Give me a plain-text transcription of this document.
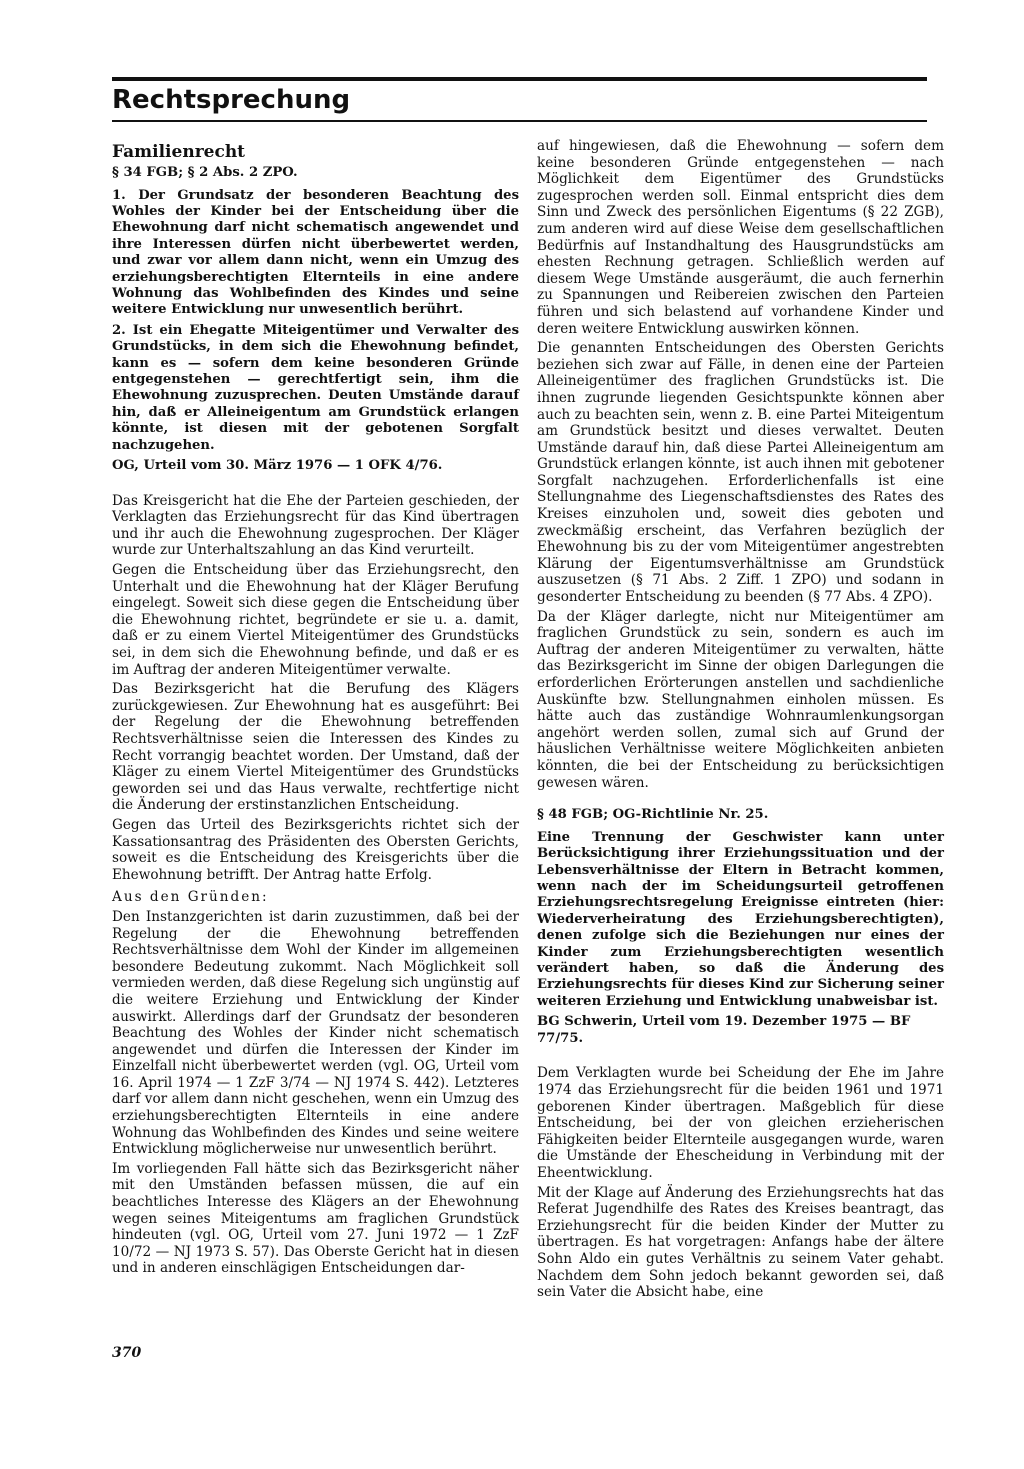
Rechtsprechung
Familienrecht
§ 34 FGB; § 2 Abs. 2 ZPO.

1. Der Grundsatz der besonderen Beachtung des Wohles der Kinder bei der Entscheidung über die Ehewohnung darf nicht schematisch angewendet und ihre Interessen dürfen nicht überbewertet werden, und zwar vor allem dann nicht, wenn ein Umzug des erziehungsberechtigten Elternteils in eine andere Wohnung das Wohlbefinden des Kindes und seine weitere Entwicklung nur unwesentlich berührt.

2. Ist ein Ehegatte Miteigentümer und Verwalter des Grundstücks, in dem sich die Ehewohnung befindet, kann es — sofern dem keine besonderen Gründe entgegenstehen — gerechtfertigt sein, ihm die Ehewohnung zuzusprechen. Deuten Umstände darauf hin, daß er Alleineigentum am Grundstück erlangen könnte, ist diesen mit der gebotenen Sorgfalt nachzugehen.

OG, Urteil vom 30. März 1976 — 1 OFK 4/76.

Das Kreisgericht hat die Ehe der Parteien geschieden, der Verklagten das Erziehungsrecht für das Kind übertragen und ihr auch die Ehewohnung zugesprochen. Der Kläger wurde zur Unterhaltszahlung an das Kind verurteilt.

Gegen die Entscheidung über das Erziehungsrecht, den Unterhalt und die Ehewohnung hat der Kläger Berufung eingelegt. Soweit sich diese gegen die Entscheidung über die Ehewohnung richtet, begründete er sie u. a. damit, daß er zu einem Viertel Miteigentümer des Grundstücks sei, in dem sich die Ehewohnung befinde, und daß er es im Auftrag der anderen Miteigentümer verwalte.

Das Bezirksgericht hat die Berufung des Klägers zurückgewiesen. Zur Ehewohnung hat es ausgeführt: Bei der Regelung der die Ehewohnung betreffenden Rechtsverhältnisse seien die Interessen des Kindes zu Recht vorrangig beachtet worden. Der Umstand, daß der Kläger zu einem Viertel Miteigentümer des Grundstücks geworden sei und das Haus verwalte, rechtfertige nicht die Änderung der erstinstanzlichen Entscheidung.

Gegen das Urteil des Bezirksgerichts richtet sich der Kassationsantrag des Präsidenten des Obersten Gerichts, soweit es die Entscheidung des Kreisgerichts über die Ehewohnung betrifft. Der Antrag hatte Erfolg.

Aus den Gründen:

Den Instanzgerichten ist darin zuzustimmen, daß bei der Regelung der die Ehewohnung betreffenden Rechtsverhältnisse dem Wohl der Kinder im allgemeinen besondere Bedeutung zukommt. Nach Möglichkeit soll vermieden werden, daß diese Regelung sich ungünstig auf die weitere Erziehung und Entwicklung der Kinder auswirkt. Allerdings darf der Grundsatz der besonderen Beachtung des Wohles der Kinder nicht schematisch angewendet und dürfen die Interessen der Kinder im Einzelfall nicht überbewertet werden (vgl. OG, Urteil vom 16. April 1974 — 1 ZzF 3/74 — NJ 1974 S. 442). Letzteres darf vor allem dann nicht geschehen, wenn ein Umzug des erziehungsberechtigten Elternteils in eine andere Wohnung das Wohlbefinden des Kindes und seine weitere Entwicklung möglicherweise nur unwesentlich berührt.

Im vorliegenden Fall hätte sich das Bezirksgericht näher mit den Umständen befassen müssen, die auf ein beachtliches Interesse des Klägers an der Ehewohnung wegen seines Miteigentums am fraglichen Grundstück hindeuten (vgl. OG, Urteil vom 27. Juni 1972 — 1 ZzF 10/72 — NJ 1973 S. 57). Das Oberste Gericht hat in diesen und in anderen einschlägigen Entscheidungen dar-

auf hingewiesen, daß die Ehewohnung — sofern dem keine besonderen Gründe entgegenstehen — nach Möglichkeit dem Eigentümer des Grundstücks zugesprochen werden soll. Einmal entspricht dies dem Sinn und Zweck des persönlichen Eigentums (§ 22 ZGB), zum anderen wird auf diese Weise dem gesellschaftlichen Bedürfnis auf Instandhaltung des Hausgrundstücks am ehesten Rechnung getragen. Schließlich werden auf diesem Wege Umstände ausgeräumt, die auch fernerhin zu Spannungen und Reibereien zwischen den Parteien führen und sich belastend auf vorhandene Kinder und deren weitere Entwicklung auswirken können.

Die genannten Entscheidungen des Obersten Gerichts beziehen sich zwar auf Fälle, in denen eine der Parteien Alleineigentümer des fraglichen Grundstücks ist. Die ihnen zugrunde liegenden Gesichtspunkte können aber auch zu beachten sein, wenn z. B. eine Partei Miteigentum am Grundstück besitzt und dieses verwaltet. Deuten Umstände darauf hin, daß diese Partei Alleineigentum am Grundstück erlangen könnte, ist auch ihnen mit gebotener Sorgfalt nachzugehen. Erforderlichenfalls ist eine Stellungnahme des Liegenschaftsdienstes des Rates des Kreises einzuholen und, soweit dies geboten und zweckmäßig erscheint, das Verfahren bezüglich der Ehewohnung bis zu der vom Miteigentümer angestrebten Klärung der Eigentumsverhältnisse am Grundstück auszusetzen (§ 71 Abs. 2 Ziff. 1 ZPO) und sodann in gesonderter Entscheidung zu beenden (§ 77 Abs. 4 ZPO).

Da der Kläger darlegte, nicht nur Miteigentümer am fraglichen Grundstück zu sein, sondern es auch im Auftrag der anderen Miteigentümer zu verwalten, hätte das Bezirksgericht im Sinne der obigen Darlegungen die erforderlichen Erörterungen anstellen und sachdienliche Auskünfte bzw. Stellungnahmen einholen müssen. Es hätte auch das zuständige Wohnraumlenkungsorgan angehört werden sollen, zumal sich auf Grund der häuslichen Verhältnisse weitere Möglichkeiten anbieten könnten, die bei der Entscheidung zu berücksichtigen gewesen wären.

§ 48 FGB; OG-Richtlinie Nr. 25.

Eine Trennung der Geschwister kann unter Berücksichtigung ihrer Erziehungssituation und der Lebensverhältnisse der Eltern in Betracht kommen, wenn nach der im Scheidungsurteil getroffenen Erziehungsrechtsregelung Ereignisse eintreten (hier: Wiederverheiratung des Erziehungsberechtigten), denen zufolge sich die Beziehungen nur eines der Kinder zum Erziehungsberechtigten wesentlich verändert haben, so daß die Änderung des Erziehungsrechts für dieses Kind zur Sicherung seiner weiteren Erziehung und Entwicklung unabweisbar ist.

BG Schwerin, Urteil vom 19. Dezember 1975 — BF 77/75.

Dem Verklagten wurde bei Scheidung der Ehe im Jahre 1974 das Erziehungsrecht für die beiden 1961 und 1971 geborenen Kinder übertragen. Maßgeblich für diese Entscheidung, bei der von gleichen erzieherischen Fähigkeiten beider Elternteile ausgegangen wurde, waren die Umstände der Ehescheidung in Verbindung mit der Eheentwicklung.

Mit der Klage auf Änderung des Erziehungsrechts hat das Referat Jugendhilfe des Rates des Kreises beantragt, das Erziehungsrecht für die beiden Kinder der Mutter zu übertragen. Es hat vorgetragen: Anfangs habe der ältere Sohn Aldo ein gutes Verhältnis zu seinem Vater gehabt. Nachdem dem Sohn jedoch bekannt geworden sei, daß sein Vater die Absicht habe, eine

370
